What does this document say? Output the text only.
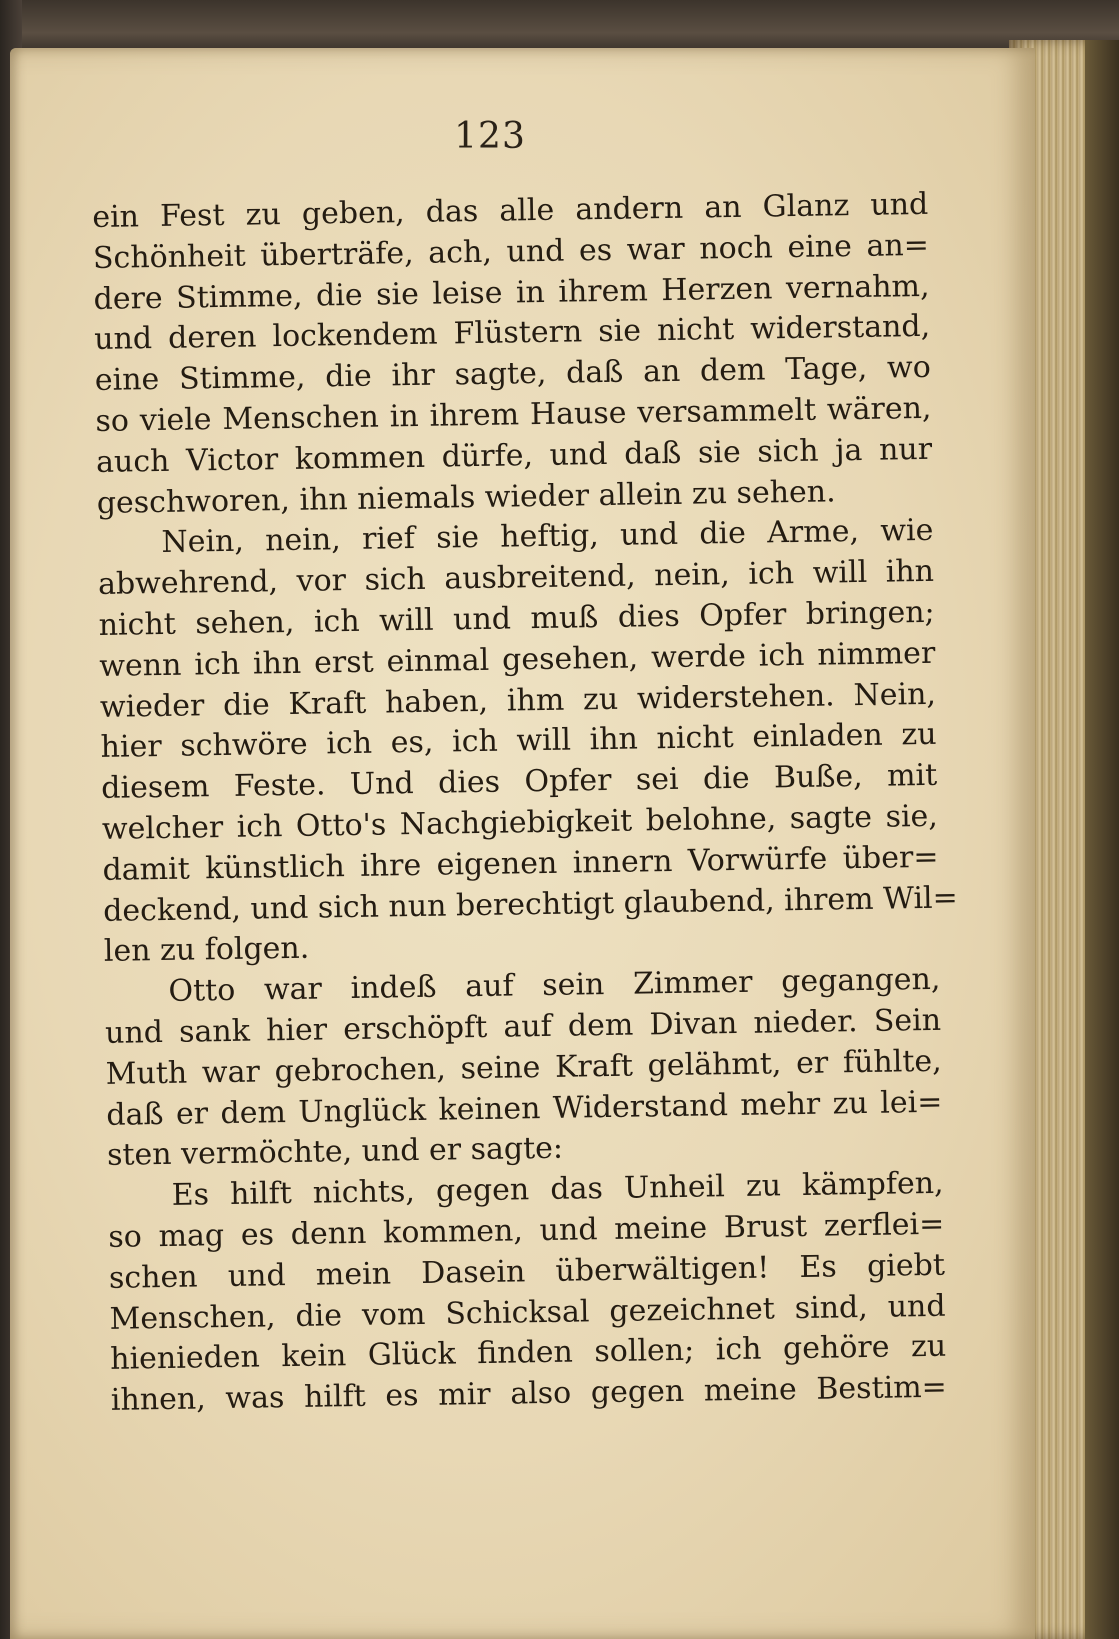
123
ein Fest zu geben, das alle andern an Glanz und
Schönheit überträfe, ach, und es war noch eine an=
dere Stimme, die sie leise in ihrem Herzen vernahm,
und deren lockendem Flüstern sie nicht widerstand,
eine Stimme, die ihr sagte, daß an dem Tage, wo
so viele Menschen in ihrem Hause versammelt wären,
auch Victor kommen dürfe, und daß sie sich ja nur
geschworen, ihn niemals wieder allein zu sehen.
Nein, nein, rief sie heftig, und die Arme, wie
abwehrend, vor sich ausbreitend, nein, ich will ihn
nicht sehen, ich will und muß dies Opfer bringen;
wenn ich ihn erst einmal gesehen, werde ich nimmer
wieder die Kraft haben, ihm zu widerstehen. Nein,
hier schwöre ich es, ich will ihn nicht einladen zu
diesem Feste. Und dies Opfer sei die Buße, mit
welcher ich Otto's Nachgiebigkeit belohne, sagte sie,
damit künstlich ihre eigenen innern Vorwürfe über=
deckend, und sich nun berechtigt glaubend, ihrem Wil=
len zu folgen.
Otto war indeß auf sein Zimmer gegangen,
und sank hier erschöpft auf dem Divan nieder. Sein
Muth war gebrochen, seine Kraft gelähmt, er fühlte,
daß er dem Unglück keinen Widerstand mehr zu lei=
sten vermöchte, und er sagte:
Es hilft nichts, gegen das Unheil zu kämpfen,
so mag es denn kommen, und meine Brust zerflei=
schen und mein Dasein überwältigen! Es giebt
Menschen, die vom Schicksal gezeichnet sind, und
hienieden kein Glück finden sollen; ich gehöre zu
ihnen, was hilft es mir also gegen meine Bestim=
